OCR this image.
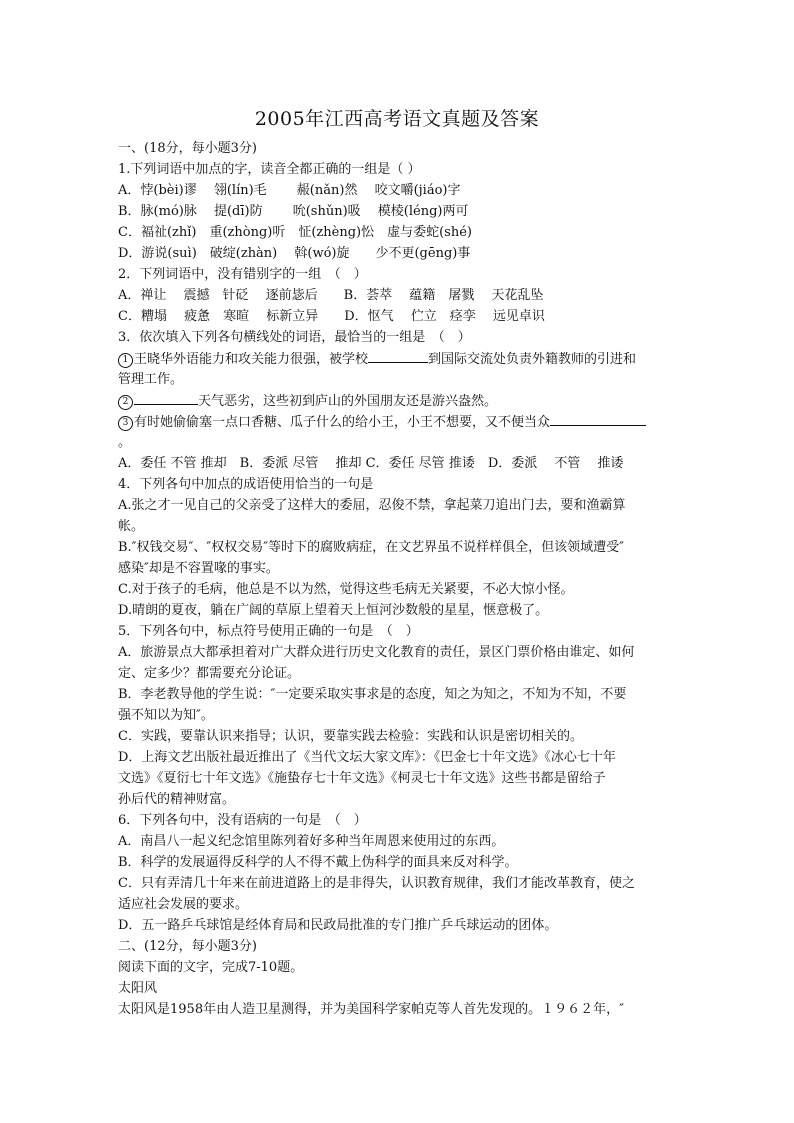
2005年江西高考语文真题及答案
一、(18分，每小题3分)
1.下列词语中加点的字，读音全都正确的一组是（ ）
A．悖(bèi)谬　 翎(lín)毛　　 赧(nǎn)然　 咬文嚼(jiáo)字
B．脉(mó)脉　 提(dī)防　　 吮(shǔn)吸　 模棱(léng)两可
C．褔祉(zhǐ)　重(zhòng)听　怔(zhèng)忪　虚与委蛇(shé)
D．游说(suì)　破绽(zhàn)　 斡(wó)旋　　少不更(gēng)事
2．下列词语中，没有错别字的一组　（　）
A．禅让　 震撼　针砭　 逐前毖后　　B．荟萃　 蕴籍　屠戮　 天花乱坠
C．糟塌　 疲惫　寒暄　 标新立异　　D．怄气　 伫立　痉孪　 远见卓识
3．依次填入下列各句横线处的词语，最恰当的一组是　（　）
1 王晓华外语能力和攻关能力很强，被学校	到国际交流处负责外籍教师的引进和
管理工作。
2	天气恶劣，这些初到庐山的外国朋友还是游兴盎然。
3 有时她偷偷塞一点口香糖、瓜子什么的给小王，小王不想要，又不便当众
。
A．委任 不管 推却　B．委派 尽管　 推却 C．委任 尽管 推诿　D．委派　 不管　 推诿
4．下列各句中加点的成语使用恰当的一句是
A.张之才一见自己的父亲受了这样大的委屈，忍俊不禁，拿起菜刀追出门去，要和渔霸算
帐。
B.″权钱交易″、″权权交易″等时下的腐败病症，在文艺界虽不说样样俱全，但该领域遭受″
感染″却是不容置喙的事实。
C.对于孩子的毛病，他总是不以为然，觉得这些毛病无关紧要，不必大惊小怪。
D.晴朗的夏夜，躺在广阔的草原上望着天上恒河沙数般的星星，惬意极了。
5．下列各句中，标点符号使用正确的一句是　（　）
A．旅游景点大都承担着对广大群众进行历史文化教育的责任，景区门票价格由谁定、如何
定、定多少？都需要充分论证。
B．李老教导他的学生说：″一定要采取实事求是的态度，知之为知之，不知为不知，不要
强不知以为知″。
C．实践，要靠认识来指导；认识，要靠实践去检验：实践和认识是密切相关的。
D．上海文艺出版社最近推出了《当代文坛大家文库》：《巴金七十年文选》《冰心七十年
文选》《夏衍七十年文选》《施蛰存七十年文选》《柯灵七十年文选》这些书都是留给子
孙后代的精神财富。
6．下列各句中，没有语病的一句是　（　）
A．南昌八一起义纪念馆里陈列着好多种当年周恩来使用过的东西。
B．科学的发展逼得反科学的人不得不戴上伪科学的面具来反对科学。
C．只有弄清几十年来在前进道路上的是非得失，认识教育规律，我们才能改革教育，使之
适应社会发展的要求。
D．五一路乒乓球馆是经体育局和民政局批准的专门推广乒乓球运动的团体。
二、(12分，每小题3分)
阅读下面的文字，完成7-10题。
太阳风
太阳风是1958年由人造卫星测得，并为美国科学家帕克等人首先发现的。１９６２年，″
